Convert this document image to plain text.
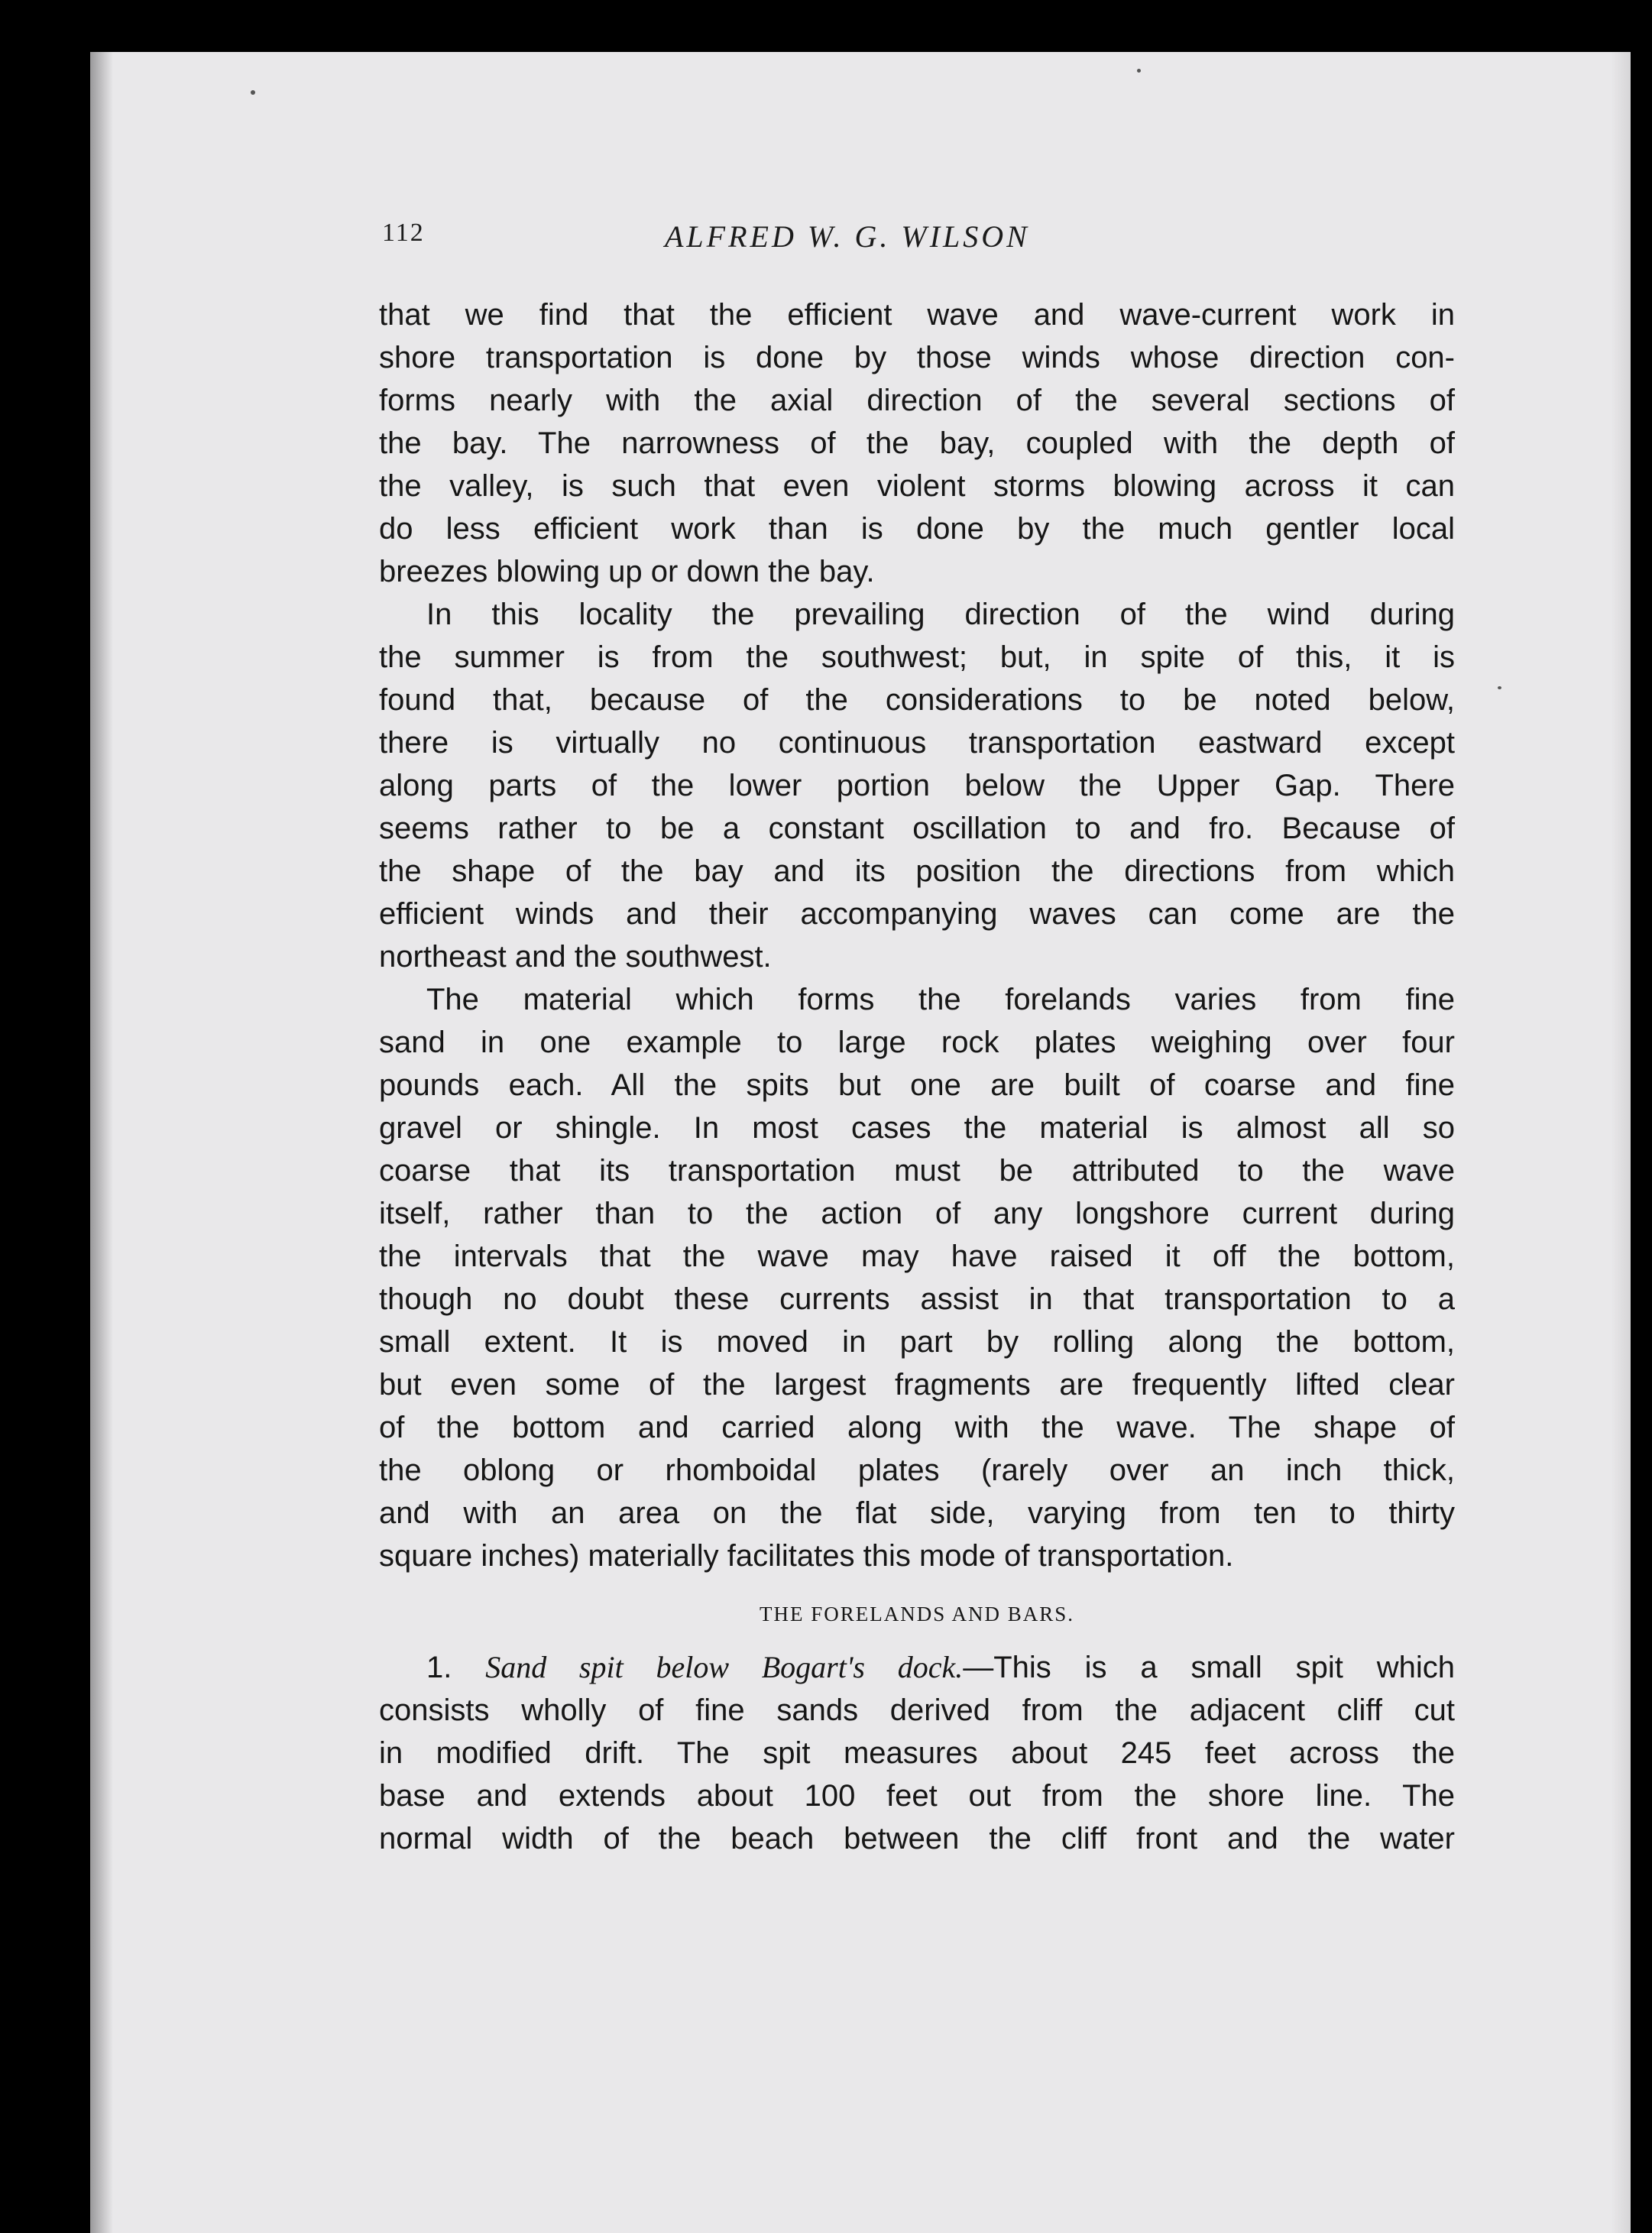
112	ALFRED W. G. WILSON
that we find that the efficient wave and wave-current work in
shore transportation is done by those winds whose direction con-
forms nearly with the axial direction of the several sections of
the bay. The narrowness of the bay, coupled with the depth of
the valley, is such that even violent storms blowing across it can
do less efficient work than is done by the much gentler local
breezes blowing up or down the bay.
In this locality the prevailing direction of the wind during
the summer is from the southwest; but, in spite of this, it is
found that, because of the considerations to be noted below,
there is virtually no continuous transportation eastward except
along parts of the lower portion below the Upper Gap. There
seems rather to be a constant oscillation to and fro. Because of
the shape of the bay and its position the directions from which
efficient winds and their accompanying waves can come are the
northeast and the southwest.
The material which forms the forelands varies from fine
sand in one example to large rock plates weighing over four
pounds each. All the spits but one are built of coarse and fine
gravel or shingle. In most cases the material is almost all so
coarse that its transportation must be attributed to the wave
itself, rather than to the action of any longshore current during
the intervals that the wave may have raised it off the bottom,
though no doubt these currents assist in that transportation to a
small extent. It is moved in part by rolling along the bottom,
but even some of the largest fragments are frequently lifted clear
of the bottom and carried along with the wave. The shape of
the oblong or rhomboidal plates (rarely over an inch thick,
and with an area on the flat side, varying from ten to thirty
square inches) materially facilitates this mode of transportation.
THE FORELANDS AND BARS.
1. Sand spit below Bogart's dock.—This is a small spit which
consists wholly of fine sands derived from the adjacent cliff cut
in modified drift. The spit measures about 245 feet across the
base and extends about 100 feet out from the shore line. The
normal width of the beach between the cliff front and the water
